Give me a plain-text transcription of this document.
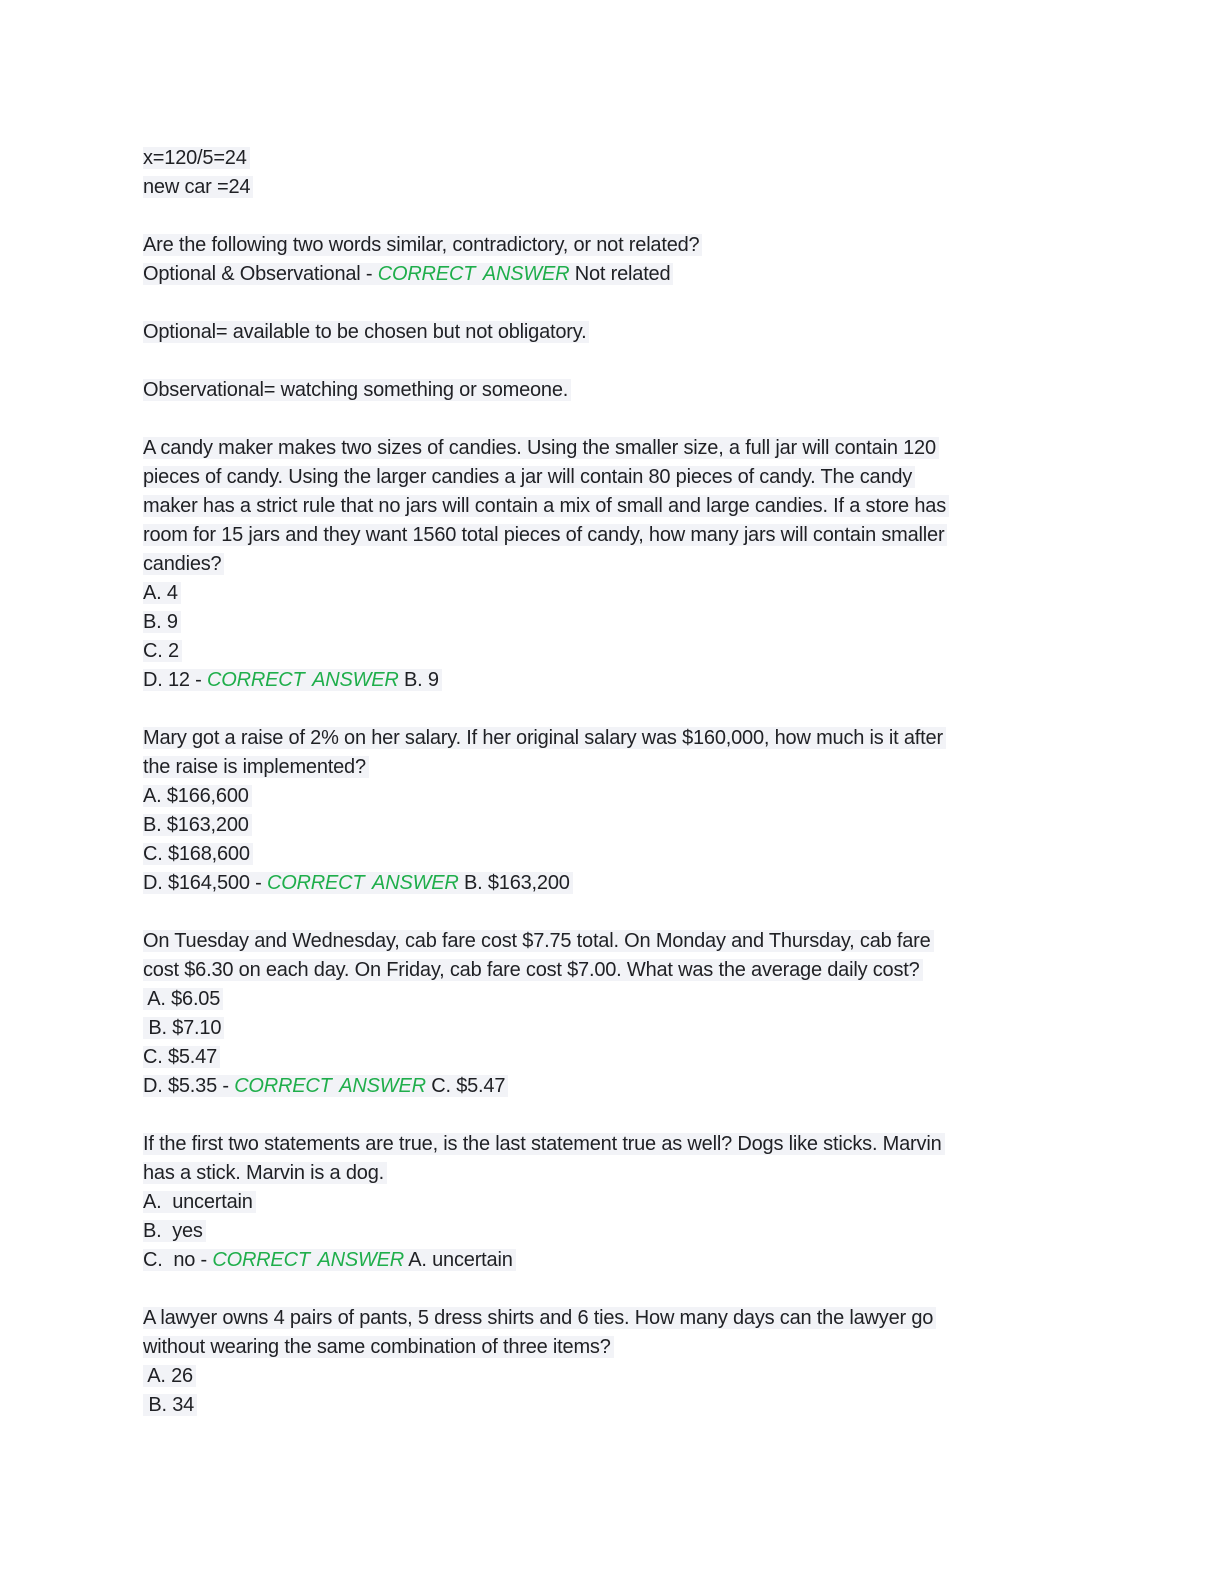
x=120/5=24
new car =24
Are the following two words similar, contradictory, or not related?
Optional & Observational - CORRECT ANSWER Not related
Optional= available to be chosen but not obligatory.
Observational= watching something or someone.
A candy maker makes two sizes of candies. Using the smaller size, a full jar will contain 120
pieces of candy. Using the larger candies a jar will contain 80 pieces of candy. The candy
maker has a strict rule that no jars will contain a mix of small and large candies. If a store has
room for 15 jars and they want 1560 total pieces of candy, how many jars will contain smaller
candies?
A. 4
B. 9
C. 2
D. 12 - CORRECT ANSWER B. 9
Mary got a raise of 2% on her salary. If her original salary was $160,000, how much is it after
the raise is implemented?
A. $166,600
B. $163,200
C. $168,600
D. $164,500 - CORRECT ANSWER B. $163,200
On Tuesday and Wednesday, cab fare cost $7.75 total. On Monday and Thursday, cab fare
cost $6.30 on each day. On Friday, cab fare cost $7.00. What was the average daily cost?
A. $6.05
B. $7.10
C. $5.47
D. $5.35 - CORRECT ANSWER C. $5.47
If the first two statements are true, is the last statement true as well? Dogs like sticks. Marvin
has a stick. Marvin is a dog.
A.  uncertain
B.  yes
C.  no - CORRECT ANSWER A. uncertain
A lawyer owns 4 pairs of pants, 5 dress shirts and 6 ties. How many days can the lawyer go
without wearing the same combination of three items?
A. 26
B. 34
